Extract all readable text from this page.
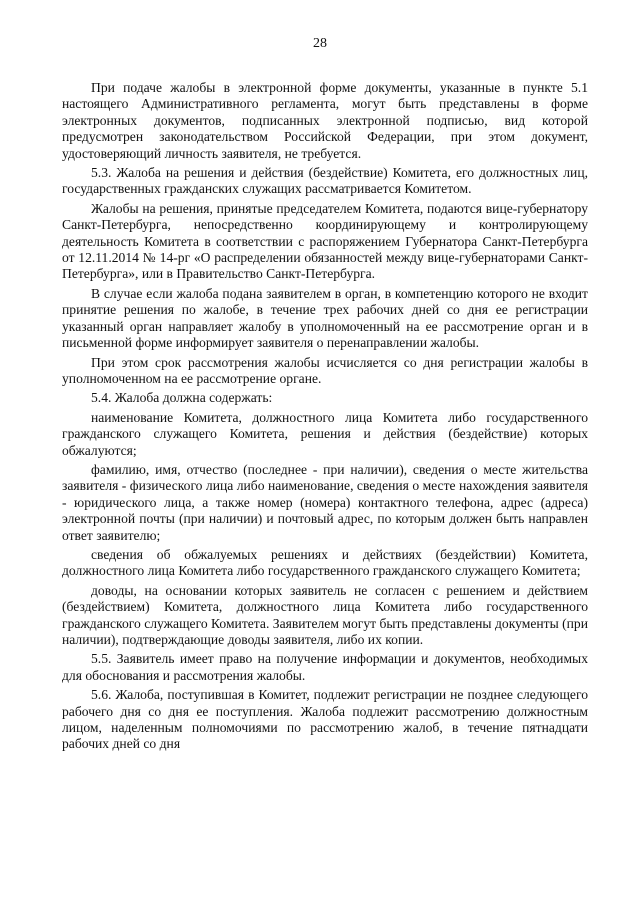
28

При подаче жалобы в электронной форме документы, указанные в пункте 5.1 настоящего Административного регламента, могут быть представлены в форме электронных документов, подписанных электронной подписью, вид которой предусмотрен законодательством Российской Федерации, при этом документ, удостоверяющий личность заявителя, не требуется.

5.3. Жалоба на решения и действия (бездействие) Комитета, его должностных лиц, государственных гражданских служащих рассматривается Комитетом.

Жалобы на решения, принятые председателем Комитета, подаются вице-губернатору Санкт-Петербурга, непосредственно координирующему и контролирующему деятельность Комитета в соответствии с распоряжением Губернатора Санкт-Петербурга от 12.11.2014 № 14-рг «О распределении обязанностей между вице-губернаторами Санкт-Петербурга», или в Правительство Санкт-Петербурга.

В случае если жалоба подана заявителем в орган, в компетенцию которого не входит принятие решения по жалобе, в течение трех рабочих дней со дня ее регистрации указанный орган направляет жалобу в уполномоченный на ее рассмотрение орган и в письменной форме информирует заявителя о перенаправлении жалобы.

При этом срок рассмотрения жалобы исчисляется со дня регистрации жалобы в уполномоченном на ее рассмотрение органе.

5.4. Жалоба должна содержать:

наименование Комитета, должностного лица Комитета либо государственного гражданского служащего Комитета, решения и действия (бездействие) которых обжалуются;

фамилию, имя, отчество (последнее - при наличии), сведения о месте жительства заявителя - физического лица либо наименование, сведения о месте нахождения заявителя - юридического лица, а также номер (номера) контактного телефона, адрес (адреса) электронной почты (при наличии) и почтовый адрес, по которым должен быть направлен ответ заявителю;

сведения об обжалуемых решениях и действиях (бездействии) Комитета, должностного лица Комитета либо государственного гражданского служащего Комитета;

доводы, на основании которых заявитель не согласен с решением и действием (бездействием) Комитета, должностного лица Комитета либо государственного гражданского служащего Комитета. Заявителем могут быть представлены документы (при наличии), подтверждающие доводы заявителя, либо их копии.

5.5. Заявитель имеет право на получение информации и документов, необходимых для обоснования и рассмотрения жалобы.

5.6. Жалоба, поступившая в Комитет, подлежит регистрации не позднее следующего рабочего дня со дня ее поступления. Жалоба подлежит рассмотрению должностным лицом, наделенным полномочиями по рассмотрению жалоб, в течение пятнадцати рабочих дней со дня
